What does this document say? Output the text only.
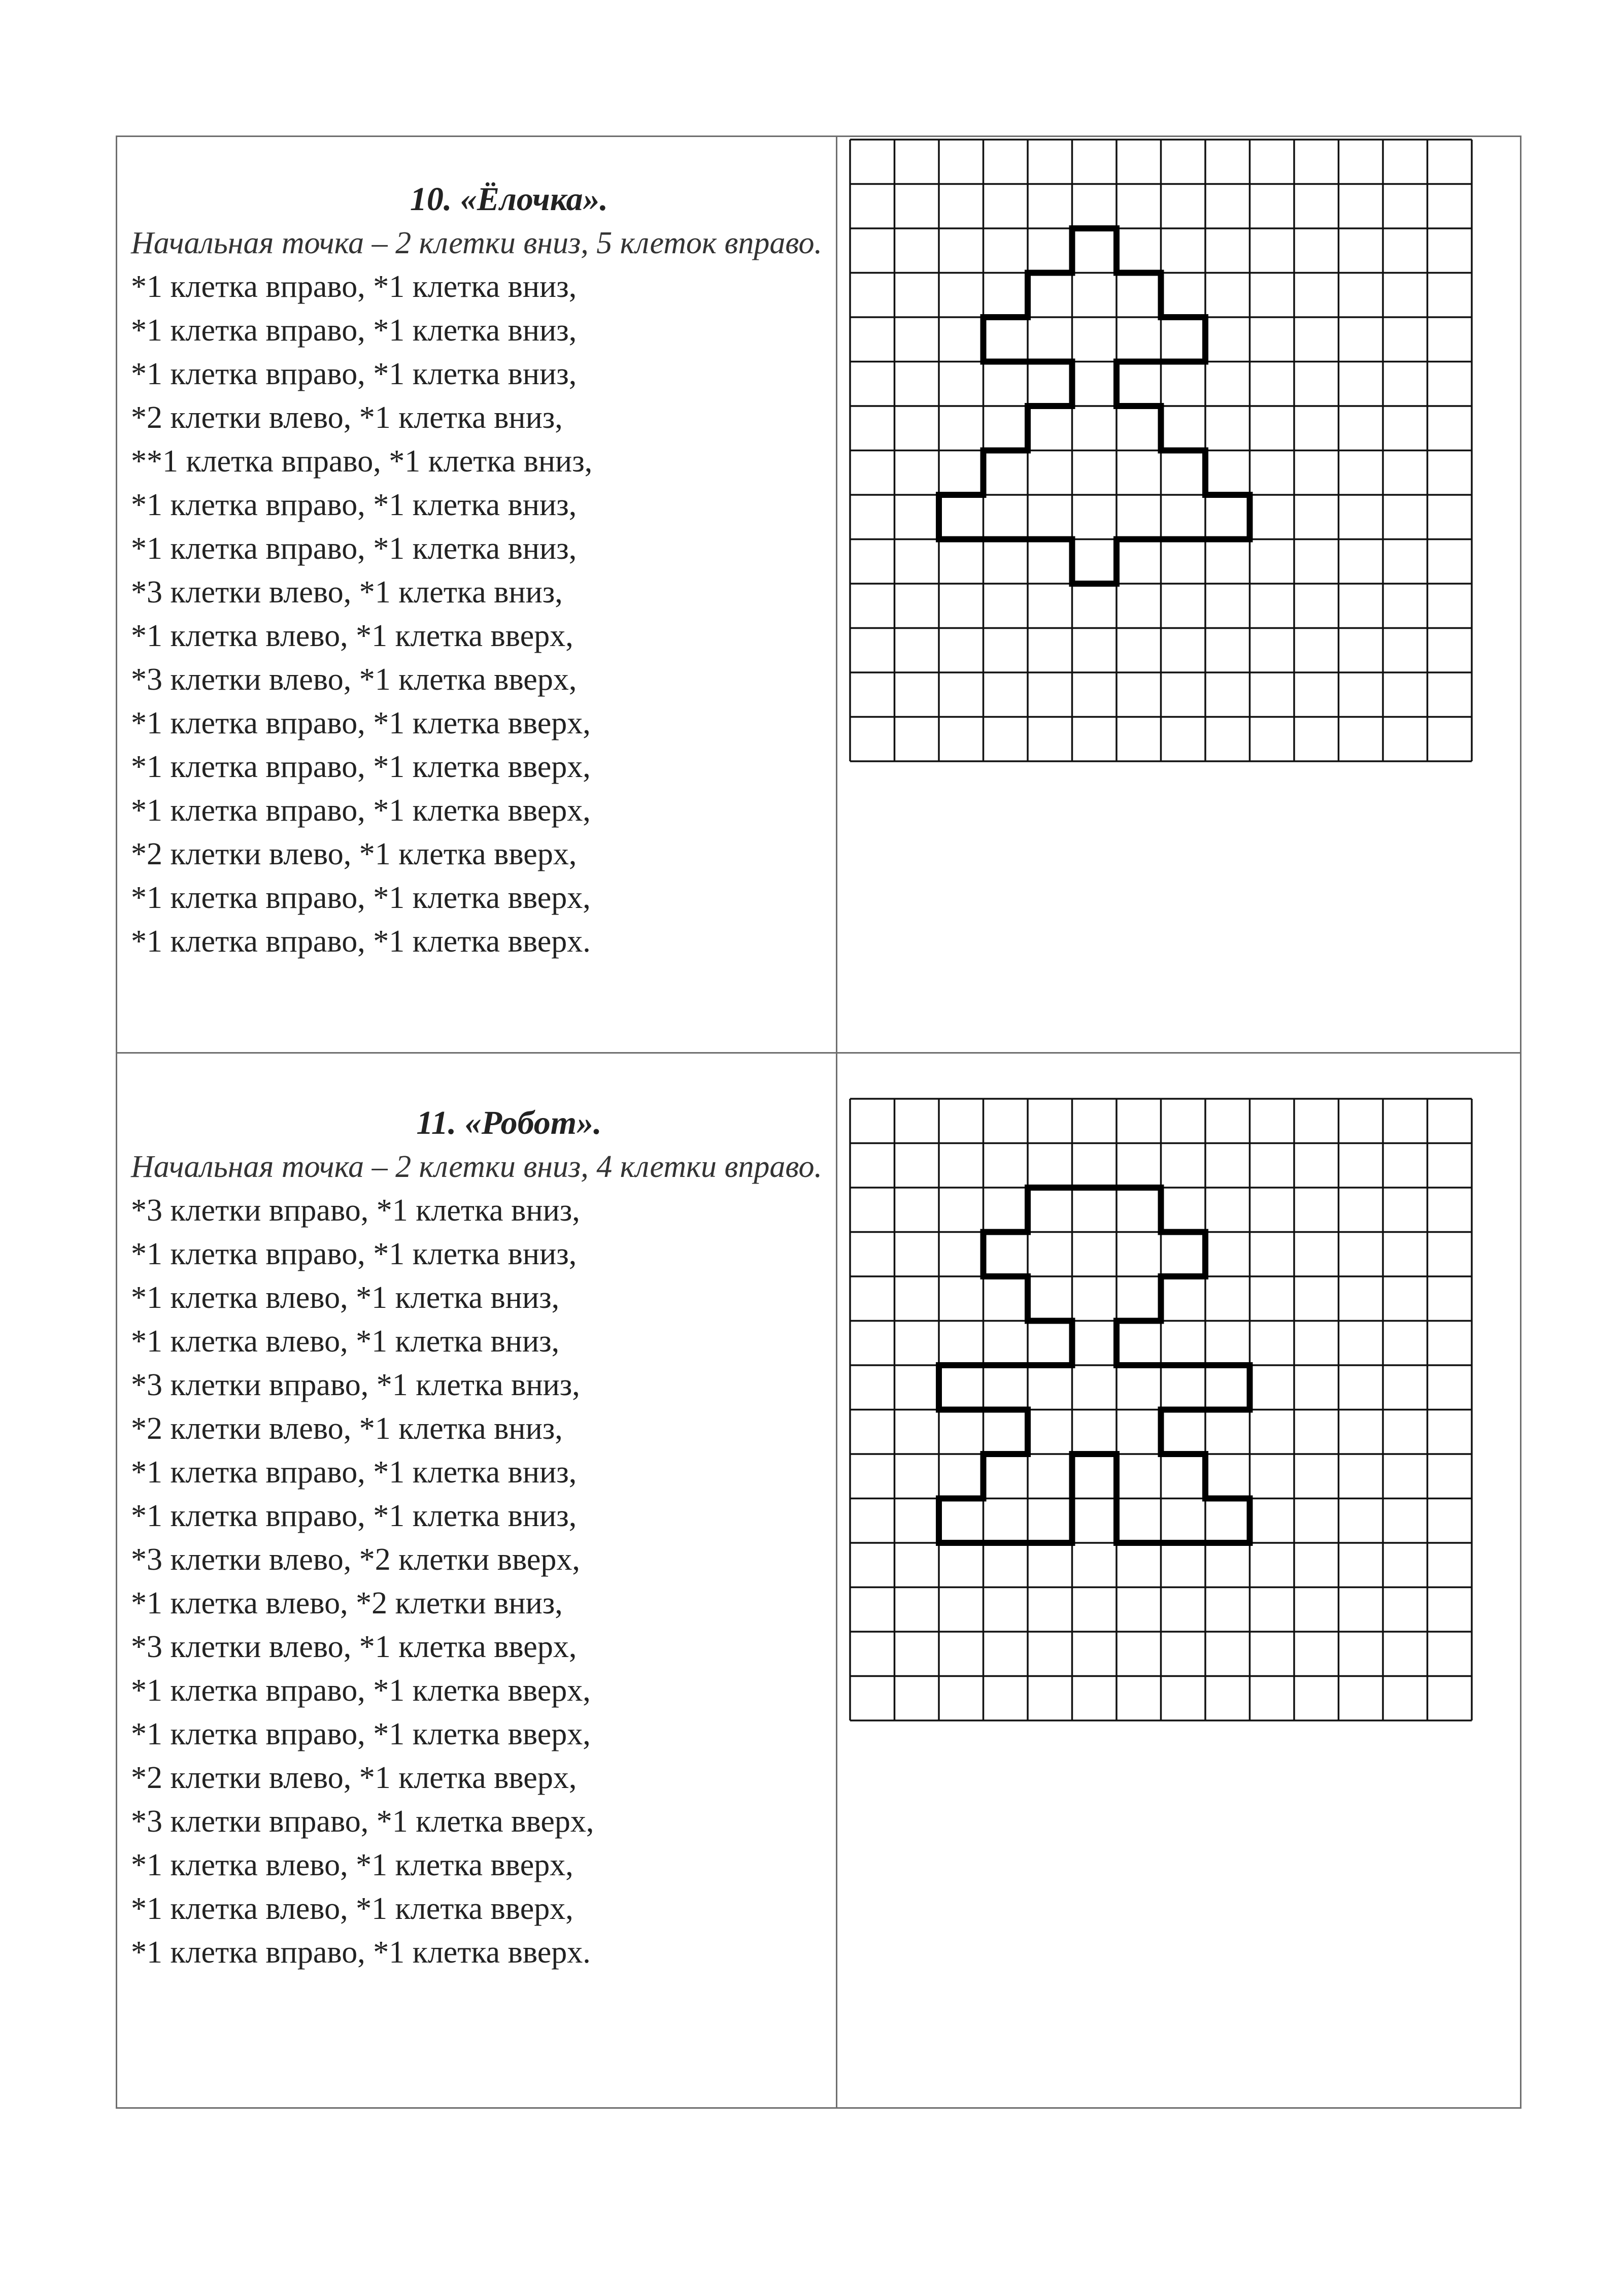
10. «Ёлочка».
Начальная точка – 2 клетки вниз, 5 клеток вправо.
*1 клетка вправо, *1 клетка вниз,
*1 клетка вправо, *1 клетка вниз,
*1 клетка вправо, *1 клетка вниз,
*2 клетки влево, *1 клетка вниз,
**1 клетка вправо, *1 клетка вниз,
*1 клетка вправо, *1 клетка вниз,
*1 клетка вправо, *1 клетка вниз,
*3 клетки влево, *1 клетка вниз,
*1 клетка влево, *1 клетка вверх,
*3 клетки влево, *1 клетка вверх,
*1 клетка вправо, *1 клетка вверх,
*1 клетка вправо, *1 клетка вверх,
*1 клетка вправо, *1 клетка вверх,
*2 клетки влево, *1 клетка вверх,
*1 клетка вправо, *1 клетка вверх,
*1 клетка вправо, *1 клетка вверх.
11. «Робот».
Начальная точка – 2 клетки вниз, 4 клетки вправо.
*3 клетки вправо, *1 клетка вниз,
*1 клетка вправо, *1 клетка вниз,
*1 клетка влево, *1 клетка вниз,
*1 клетка влево, *1 клетка вниз,
*3 клетки вправо, *1 клетка вниз,
*2 клетки влево, *1 клетка вниз,
*1 клетка вправо, *1 клетка вниз,
*1 клетка вправо, *1 клетка вниз,
*3 клетки влево, *2 клетки вверх,
*1 клетка влево, *2 клетки вниз,
*3 клетки влево, *1 клетка вверх,
*1 клетка вправо, *1 клетка вверх,
*1 клетка вправо, *1 клетка вверх,
*2 клетки влево, *1 клетка вверх,
*3 клетки вправо, *1 клетка вверх,
*1 клетка влево, *1 клетка вверх,
*1 клетка влево, *1 клетка вверх,
*1 клетка вправо, *1 клетка вверх.
